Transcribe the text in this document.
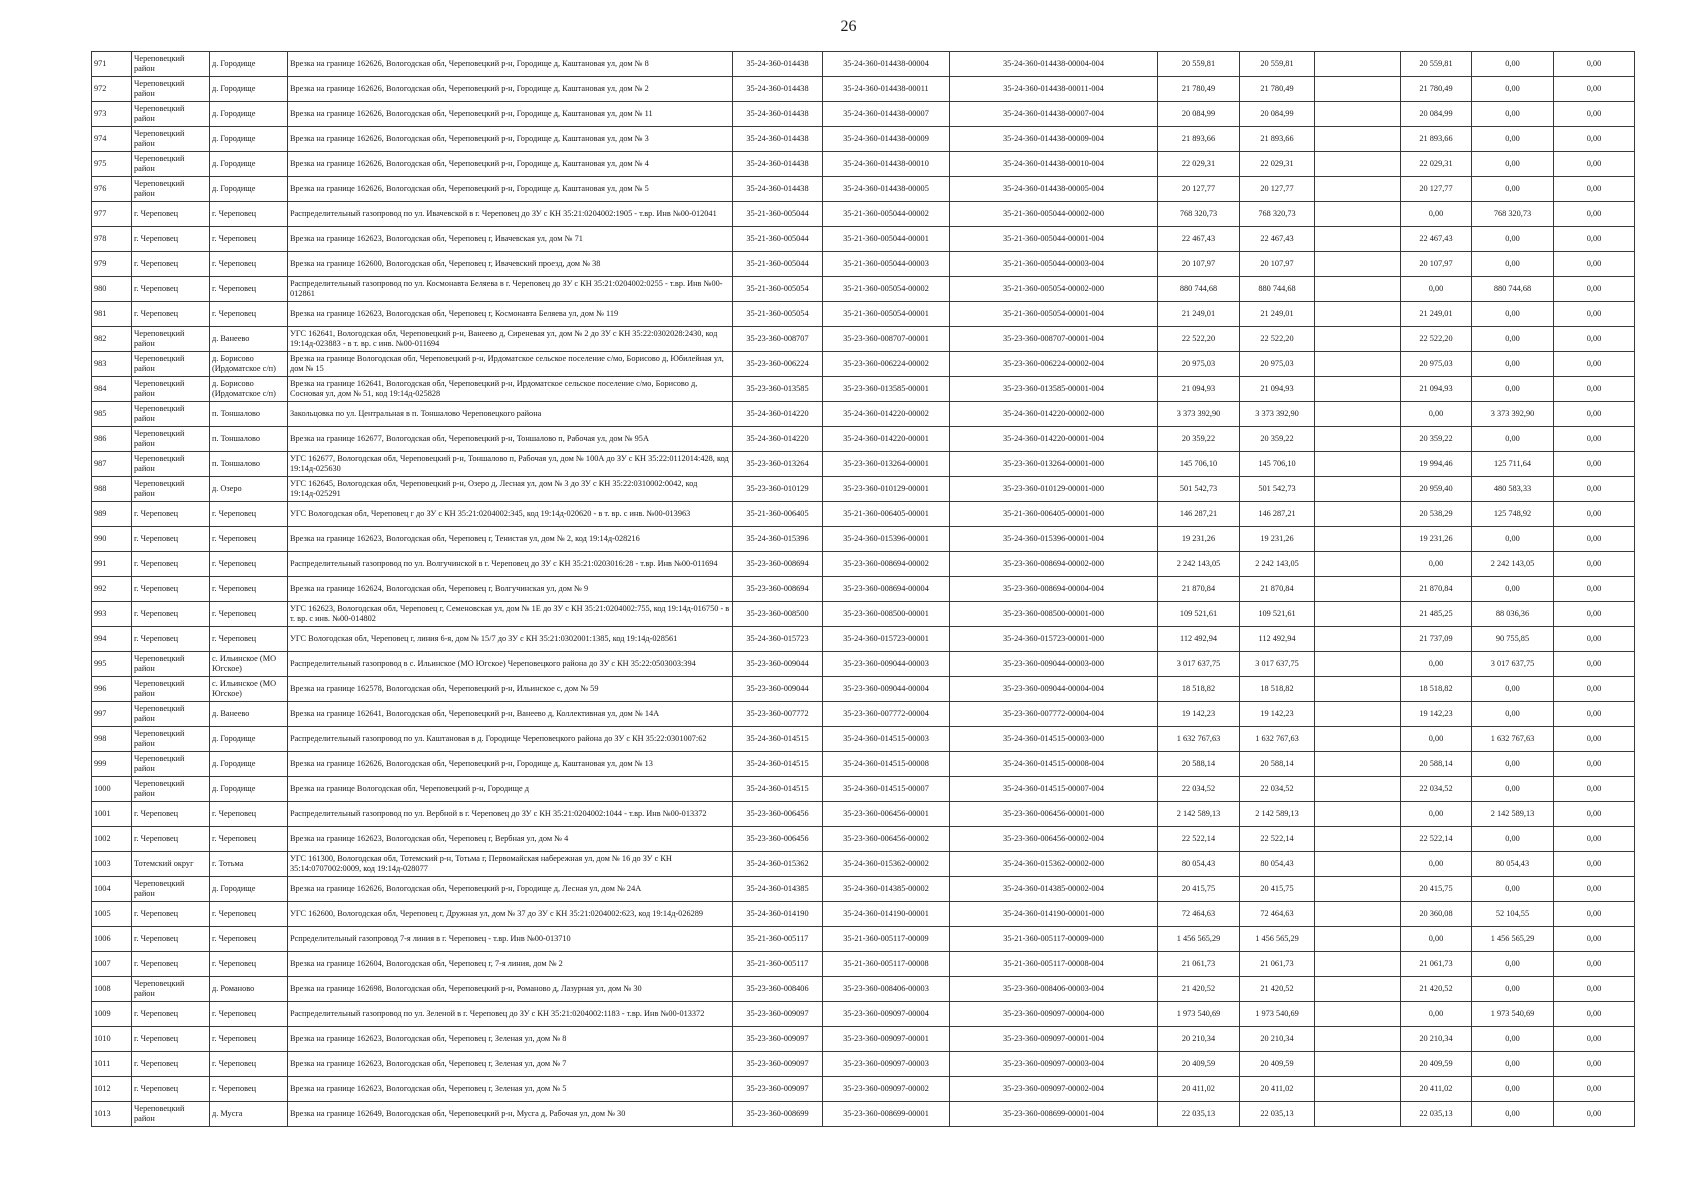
26
971	Череповецкий район	д. Городище	Врезка на границе 162626, Вологодская обл, Череповецкий р-н, Городище д, Каштановая ул, дом № 8	35-24-360-014438	35-24-360-014438-00004	35-24-360-014438-00004-004	20 559,81	20 559,81		20 559,81	0,00	0,00
972	Череповецкий район	д. Городище	Врезка на границе 162626, Вологодская обл, Череповецкий р-н, Городище д, Каштановая ул, дом № 2	35-24-360-014438	35-24-360-014438-00011	35-24-360-014438-00011-004	21 780,49	21 780,49		21 780,49	0,00	0,00
973	Череповецкий район	д. Городище	Врезка на границе 162626, Вологодская обл, Череповецкий р-н, Городище д, Каштановая ул, дом № 11	35-24-360-014438	35-24-360-014438-00007	35-24-360-014438-00007-004	20 084,99	20 084,99		20 084,99	0,00	0,00
974	Череповецкий район	д. Городище	Врезка на границе 162626, Вологодская обл, Череповецкий р-н, Городище д, Каштановая ул, дом № 3	35-24-360-014438	35-24-360-014438-00009	35-24-360-014438-00009-004	21 893,66	21 893,66		21 893,66	0,00	0,00
975	Череповецкий район	д. Городище	Врезка на границе 162626, Вологодская обл, Череповецкий р-н, Городище д, Каштановая ул, дом № 4	35-24-360-014438	35-24-360-014438-00010	35-24-360-014438-00010-004	22 029,31	22 029,31		22 029,31	0,00	0,00
976	Череповецкий район	д. Городище	Врезка на границе 162626, Вологодская обл, Череповецкий р-н, Городище д, Каштановая ул, дом № 5	35-24-360-014438	35-24-360-014438-00005	35-24-360-014438-00005-004	20 127,77	20 127,77		20 127,77	0,00	0,00
977	г. Череповец	г. Череповец	Распределительный газопровод по ул. Ивачевской в г. Череповец до ЗУ с КН 35:21:0204002:1905 - т.вр. Инв №00-012041	35-21-360-005044	35-21-360-005044-00002	35-21-360-005044-00002-000	768 320,73	768 320,73		0,00	768 320,73	0,00
978	г. Череповец	г. Череповец	Врезка на границе 162623, Вологодская обл, Череповец г, Ивачевская ул, дом № 71	35-21-360-005044	35-21-360-005044-00001	35-21-360-005044-00001-004	22 467,43	22 467,43		22 467,43	0,00	0,00
979	г. Череповец	г. Череповец	Врезка на границе 162600, Вологодская обл, Череповец г, Ивачевский проезд, дом № 38	35-21-360-005044	35-21-360-005044-00003	35-21-360-005044-00003-004	20 107,97	20 107,97		20 107,97	0,00	0,00
980	г. Череповец	г. Череповец	Распределительный газопровод по ул. Космонавта Беляева в г. Череповец до ЗУ с КН 35:21:0204002:0255 - т.вр. Инв №00-012861	35-21-360-005054	35-21-360-005054-00002	35-21-360-005054-00002-000	880 744,68	880 744,68		0,00	880 744,68	0,00
981	г. Череповец	г. Череповец	Врезка на границе 162623, Вологодская обл, Череповец г, Космонавта Беляева ул, дом № 119	35-21-360-005054	35-21-360-005054-00001	35-21-360-005054-00001-004	21 249,01	21 249,01		21 249,01	0,00	0,00
982	Череповецкий район	д. Ванеево	УГС 162641, Вологодская обл, Череповецкий р-н, Ванеево д, Сиреневая ул, дом № 2 до ЗУ с КН 35:22:0302028:2430, код 19:14д-023883 - в т. вр. с инв. №00-011694	35-23-360-008707	35-23-360-008707-00001	35-23-360-008707-00001-004	22 522,20	22 522,20		22 522,20	0,00	0,00
983	Череповецкий район	д. Борисово (Ирдоматское с/п)	Врезка на границе Вологодская обл, Череповецкий р-н, Ирдоматское сельское поселение с/мо, Борисово д, Юбилейная ул, дом № 15	35-23-360-006224	35-23-360-006224-00002	35-23-360-006224-00002-004	20 975,03	20 975,03		20 975,03	0,00	0,00
984	Череповецкий район	д. Борисово (Ирдоматское с/п)	Врезка на границе 162641, Вологодская обл, Череповецкий р-н, Ирдоматское сельское поселение с/мо, Борисово д, Сосновая ул, дом № 51, код 19:14д-025828	35-23-360-013585	35-23-360-013585-00001	35-23-360-013585-00001-004	21 094,93	21 094,93		21 094,93	0,00	0,00
985	Череповецкий район	п. Тоншалово	Закольцовка по ул. Центральная в п. Тоншалово Череповецкого района	35-24-360-014220	35-24-360-014220-00002	35-24-360-014220-00002-000	3 373 392,90	3 373 392,90		0,00	3 373 392,90	0,00
986	Череповецкий район	п. Тоншалово	Врезка на границе 162677, Вологодская обл, Череповецкий р-н, Тоншалово п, Рабочая ул, дом № 95А	35-24-360-014220	35-24-360-014220-00001	35-24-360-014220-00001-004	20 359,22	20 359,22		20 359,22	0,00	0,00
987	Череповецкий район	п. Тоншалово	УГС 162677, Вологодская обл, Череповецкий р-н, Тоншалово п, Рабочая ул, дом № 100А до ЗУ с КН 35:22:0112014:428, код 19:14д-025630	35-23-360-013264	35-23-360-013264-00001	35-23-360-013264-00001-000	145 706,10	145 706,10		19 994,46	125 711,64	0,00
988	Череповецкий район	д. Озеро	УГС 162645, Вологодская обл, Череповецкий р-н, Озеро д, Лесная ул, дом № 3 до ЗУ с КН 35:22:0310002:0042, код 19:14д-025291	35-23-360-010129	35-23-360-010129-00001	35-23-360-010129-00001-000	501 542,73	501 542,73		20 959,40	480 583,33	0,00
989	г. Череповец	г. Череповец	УГС Вологодская обл, Череповец г до ЗУ с КН 35:21:0204002:345, код 19:14д-020620 - в т. вр. с инв. №00-013963	35-21-360-006405	35-21-360-006405-00001	35-21-360-006405-00001-000	146 287,21	146 287,21		20 538,29	125 748,92	0,00
990	г. Череповец	г. Череповец	Врезка на границе 162623, Вологодская обл, Череповец г, Тенистая ул, дом № 2, код 19:14д-028216	35-24-360-015396	35-24-360-015396-00001	35-24-360-015396-00001-004	19 231,26	19 231,26		19 231,26	0,00	0,00
991	г. Череповец	г. Череповец	Распределительный газопровод по ул. Волгучинской в г. Череповец до ЗУ с КН 35:21:0203016:28 - т.вр. Инв №00-011694	35-23-360-008694	35-23-360-008694-00002	35-23-360-008694-00002-000	2 242 143,05	2 242 143,05		0,00	2 242 143,05	0,00
992	г. Череповец	г. Череповец	Врезка на границе 162624, Вологодская обл, Череповец г, Волгучинская ул, дом № 9	35-23-360-008694	35-23-360-008694-00004	35-23-360-008694-00004-004	21 870,84	21 870,84		21 870,84	0,00	0,00
993	г. Череповец	г. Череповец	УГС 162623, Вологодская обл, Череповец г, Семеновская ул, дом № 1Е до ЗУ с КН 35:21:0204002:755, код 19:14д-016750 - в т. вр. с инв. №00-014802	35-23-360-008500	35-23-360-008500-00001	35-23-360-008500-00001-000	109 521,61	109 521,61		21 485,25	88 036,36	0,00
994	г. Череповец	г. Череповец	УГС Вологодская обл, Череповец г, линия 6-я, дом № 15/7 до ЗУ с КН 35:21:0302001:1385, код 19:14д-028561	35-24-360-015723	35-24-360-015723-00001	35-24-360-015723-00001-000	112 492,94	112 492,94		21 737,09	90 755,85	0,00
995	Череповецкий район	с. Ильинское (МО Югское)	Распределительный газопровод в с. Ильинское (МО Югское) Череповецкого района до ЗУ с КН 35:22:0503003:394	35-23-360-009044	35-23-360-009044-00003	35-23-360-009044-00003-000	3 017 637,75	3 017 637,75		0,00	3 017 637,75	0,00
996	Череповецкий район	с. Ильинское (МО Югское)	Врезка на границе 162578, Вологодская обл, Череповецкий р-н, Ильинское с, дом № 59	35-23-360-009044	35-23-360-009044-00004	35-23-360-009044-00004-004	18 518,82	18 518,82		18 518,82	0,00	0,00
997	Череповецкий район	д. Ванеево	Врезка на границе 162641, Вологодская обл, Череповецкий р-н, Ванеево д, Коллективная ул, дом № 14А	35-23-360-007772	35-23-360-007772-00004	35-23-360-007772-00004-004	19 142,23	19 142,23		19 142,23	0,00	0,00
998	Череповецкий район	д. Городище	Распределительный газопровод по ул. Каштановая в д. Городище Череповецкого района до ЗУ с КН 35:22:0301007:62	35-24-360-014515	35-24-360-014515-00003	35-24-360-014515-00003-000	1 632 767,63	1 632 767,63		0,00	1 632 767,63	0,00
999	Череповецкий район	д. Городище	Врезка на границе 162626, Вологодская обл, Череповецкий р-н, Городище д, Каштановая ул, дом № 13	35-24-360-014515	35-24-360-014515-00008	35-24-360-014515-00008-004	20 588,14	20 588,14		20 588,14	0,00	0,00
1000	Череповецкий район	д. Городище	Врезка на границе Вологодская обл, Череповецкий р-н, Городище д	35-24-360-014515	35-24-360-014515-00007	35-24-360-014515-00007-004	22 034,52	22 034,52		22 034,52	0,00	0,00
1001	г. Череповец	г. Череповец	Распределительный газопровод по ул. Вербной в г. Череповец до ЗУ с КН 35:21:0204002:1044 - т.вр. Инв №00-013372	35-23-360-006456	35-23-360-006456-00001	35-23-360-006456-00001-000	2 142 589,13	2 142 589,13		0,00	2 142 589,13	0,00
1002	г. Череповец	г. Череповец	Врезка на границе 162623, Вологодская обл, Череповец г, Вербная ул, дом № 4	35-23-360-006456	35-23-360-006456-00002	35-23-360-006456-00002-004	22 522,14	22 522,14		22 522,14	0,00	0,00
1003	Тотемский округ	г. Тотьма	УГС 161300, Вологодская обл, Тотемский р-н, Тотьма г, Первомайская набережная ул, дом № 16 до ЗУ с КН 35:14:0707002:0009, код 19:14д-028077	35-24-360-015362	35-24-360-015362-00002	35-24-360-015362-00002-000	80 054,43	80 054,43		0,00	80 054,43	0,00
1004	Череповецкий район	д. Городище	Врезка на границе 162626, Вологодская обл, Череповецкий р-н, Городище д, Лесная ул, дом № 24А	35-24-360-014385	35-24-360-014385-00002	35-24-360-014385-00002-004	20 415,75	20 415,75		20 415,75	0,00	0,00
1005	г. Череповец	г. Череповец	УГС 162600, Вологодская обл, Череповец г, Дружная ул, дом № 37 до ЗУ с КН 35:21:0204002:623, код 19:14д-026289	35-24-360-014190	35-24-360-014190-00001	35-24-360-014190-00001-000	72 464,63	72 464,63		20 360,08	52 104,55	0,00
1006	г. Череповец	г. Череповец	Рспределительный газопровод 7-я линия в г. Череповец - т.вр. Инв №00-013710	35-21-360-005117	35-21-360-005117-00009	35-21-360-005117-00009-000	1 456 565,29	1 456 565,29		0,00	1 456 565,29	0,00
1007	г. Череповец	г. Череповец	Врезка на границе 162604, Вологодская обл, Череповец г, 7-я линия, дом № 2	35-21-360-005117	35-21-360-005117-00008	35-21-360-005117-00008-004	21 061,73	21 061,73		21 061,73	0,00	0,00
1008	Череповецкий район	д. Романово	Врезка на границе 162698, Вологодская обл, Череповецкий р-н, Романово д, Лазурная ул, дом № 30	35-23-360-008406	35-23-360-008406-00003	35-23-360-008406-00003-004	21 420,52	21 420,52		21 420,52	0,00	0,00
1009	г. Череповец	г. Череповец	Распределительный газопровод по ул. Зеленой в г. Череповец до ЗУ с КН 35:21:0204002:1183 - т.вр. Инв №00-013372	35-23-360-009097	35-23-360-009097-00004	35-23-360-009097-00004-000	1 973 540,69	1 973 540,69		0,00	1 973 540,69	0,00
1010	г. Череповец	г. Череповец	Врезка на границе 162623, Вологодская обл, Череповец г, Зеленая ул, дом № 8	35-23-360-009097	35-23-360-009097-00001	35-23-360-009097-00001-004	20 210,34	20 210,34		20 210,34	0,00	0,00
1011	г. Череповец	г. Череповец	Врезка на границе 162623, Вологодская обл, Череповец г, Зеленая ул, дом № 7	35-23-360-009097	35-23-360-009097-00003	35-23-360-009097-00003-004	20 409,59	20 409,59		20 409,59	0,00	0,00
1012	г. Череповец	г. Череповец	Врезка на границе 162623, Вологодская обл, Череповец г, Зеленая ул, дом № 5	35-23-360-009097	35-23-360-009097-00002	35-23-360-009097-00002-004	20 411,02	20 411,02		20 411,02	0,00	0,00
1013	Череповецкий район	д. Мусга	Врезка на границе 162649, Вологодская обл, Череповецкий р-н, Мусга д, Рабочая ул, дом № 30	35-23-360-008699	35-23-360-008699-00001	35-23-360-008699-00001-004	22 035,13	22 035,13		22 035,13	0,00	0,00
